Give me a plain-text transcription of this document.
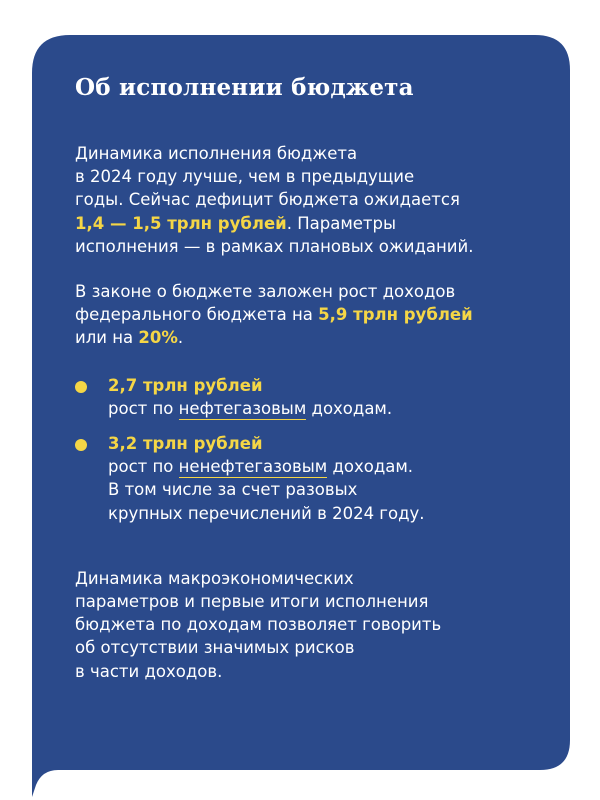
Об исполнении бюджета

Динамика исполнения бюджета
в 2024 году лучше, чем в предыдущие
годы. Сейчас дефицит бюджета ожидается
1,4 — 1,5 трлн рублей. Параметры
исполнения — в рамках плановых ожиданий.

В законе о бюджете заложен рост доходов
федерального бюджета на 5,9 трлн рублей
или на 20%.

2,7 трлн рублей
рост по нефтегазовым доходам.
3,2 трлн рублей
рост по ненефтегазовым доходам.
В том числе за счет разовых
крупных перечислений в 2024 году.

Динамика макроэкономических
параметров и первые итоги исполнения
бюджета по доходам позволяет говорить
об отсутствии значимых рисков
в части доходов.
